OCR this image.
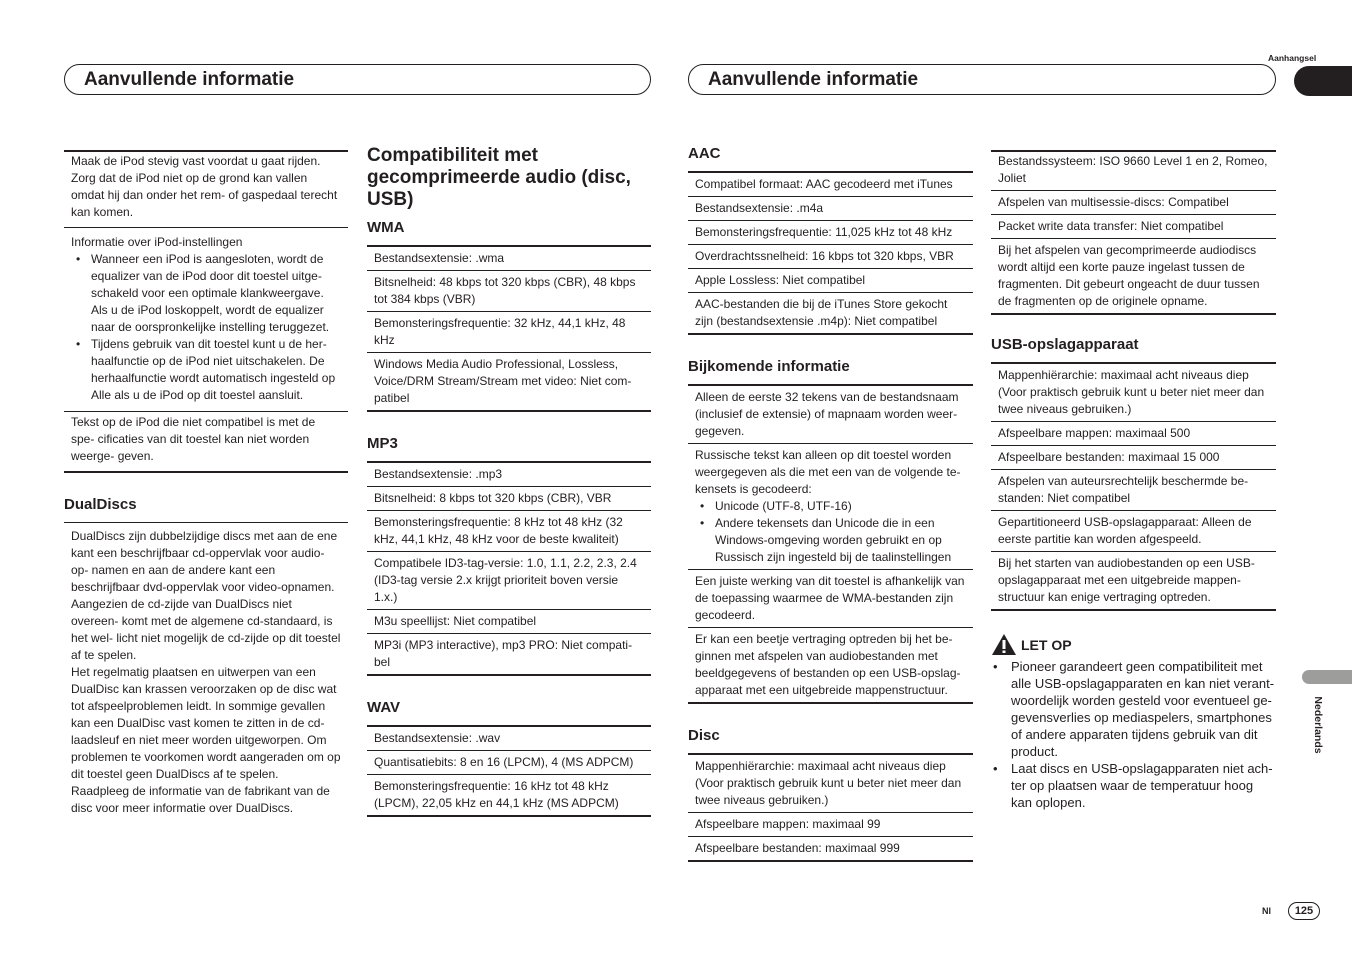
Aanhangsel
Aanvullende informatie	Aanvullende informatie
Nederlands
Nl	125
Maak de iPod stevig vast voordat u gaat rijden. Zorg dat de iPod niet op de grond kan vallen omdat hij dan onder het rem- of gaspedaal terecht kan komen.
Informatie over iPod-instellingen
• Wanneer een iPod is aangesloten, wordt de equalizer van de iPod door dit toestel uitge- schakeld voor een optimale klankweergave. Als u de iPod loskoppelt, wordt de equalizer naar de oorspronkelijke instelling teruggezet.
• Tijdens gebruik van dit toestel kunt u de her- haalfunctie op de iPod niet uitschakelen. De herhaalfunctie wordt automatisch ingesteld op Alle als u de iPod op dit toestel aansluit.
Tekst op de iPod die niet compatibel is met de spe- cificaties van dit toestel kan niet worden weerge- geven.
DualDiscs
DualDiscs zijn dubbelzijdige discs met aan de ene kant een beschrijfbaar cd-oppervlak voor audio-op- namen en aan de andere kant een beschrijfbaar dvd-oppervlak voor video-opnamen.
Aangezien de cd-zijde van DualDiscs niet overeen- komt met de algemene cd-standaard, is het wel- licht niet mogelijk de cd-zijde op dit toestel af te spelen.
Het regelmatig plaatsen en uitwerpen van een DualDisc kan krassen veroorzaken op de disc wat tot afspeelproblemen leidt. In sommige gevallen kan een DualDisc vast komen te zitten in de cd- laadsleuf en niet meer worden uitgeworpen. Om problemen te voorkomen wordt aangeraden om op dit toestel geen DualDiscs af te spelen.
Raadpleeg de informatie van de fabrikant van de disc voor meer informatie over DualDiscs.
Compatibiliteit met gecomprimeerde audio (disc, USB)
WMA
Bestandsextensie: .wma
Bitsnelheid: 48 kbps tot 320 kbps (CBR), 48 kbps tot 384 kbps (VBR)
Bemonsteringsfrequentie: 32 kHz, 44,1 kHz, 48 kHz
Windows Media Audio Professional, Lossless, Voice/DRM Stream/Stream met video: Niet com- patibel
MP3
Bestandsextensie: .mp3
Bitsnelheid: 8 kbps tot 320 kbps (CBR), VBR
Bemonsteringsfrequentie: 8 kHz tot 48 kHz (32 kHz, 44,1 kHz, 48 kHz voor de beste kwaliteit)
Compatibele ID3-tag-versie: 1.0, 1.1, 2.2, 2.3, 2.4 (ID3-tag versie 2.x krijgt prioriteit boven versie 1.x.)
M3u speellijst: Niet compatibel
MP3i (MP3 interactive), mp3 PRO: Niet compati- bel
WAV
Bestandsextensie: .wav
Quantisatiebits: 8 en 16 (LPCM), 4 (MS ADPCM)
Bemonsteringsfrequentie: 16 kHz tot 48 kHz (LPCM), 22,05 kHz en 44,1 kHz (MS ADPCM)
AAC
Compatibel formaat: AAC gecodeerd met iTunes
Bestandsextensie: .m4a
Bemonsteringsfrequentie: 11,025 kHz tot 48 kHz
Overdrachtssnelheid: 16 kbps tot 320 kbps, VBR
Apple Lossless: Niet compatibel
AAC-bestanden die bij de iTunes Store gekocht zijn (bestandsextensie .m4p): Niet compatibel
Bijkomende informatie
Alleen de eerste 32 tekens van de bestandsnaam (inclusief de extensie) of mapnaam worden weer- gegeven.
Russische tekst kan alleen op dit toestel worden weergegeven als die met een van de volgende te- kensets is gecodeerd:
• Unicode (UTF-8, UTF-16)
• Andere tekensets dan Unicode die in een Windows-omgeving worden gebruikt en op Russisch zijn ingesteld bij de taalinstellingen
Een juiste werking van dit toestel is afhankelijk van de toepassing waarmee de WMA-bestanden zijn gecodeerd.
Er kan een beetje vertraging optreden bij het be- ginnen met afspelen van audiobestanden met beeldgegevens of bestanden op een USB-opslag- apparaat met een uitgebreide mappenstructuur.
Disc
Mappenhiërarchie: maximaal acht niveaus diep (Voor praktisch gebruik kunt u beter niet meer dan twee niveaus gebruiken.)
Afspeelbare mappen: maximaal 99
Afspeelbare bestanden: maximaal 999
Bestandssysteem: ISO 9660 Level 1 en 2, Romeo, Joliet
Afspelen van multisessie-discs: Compatibel
Packet write data transfer: Niet compatibel
Bij het afspelen van gecomprimeerde audiodiscs wordt altijd een korte pauze ingelast tussen de fragmenten. Dit gebeurt ongeacht de duur tussen de fragmenten op de originele opname.
USB-opslagapparaat
Mappenhiërarchie: maximaal acht niveaus diep (Voor praktisch gebruik kunt u beter niet meer dan twee niveaus gebruiken.)
Afspeelbare mappen: maximaal 500
Afspeelbare bestanden: maximaal 15 000
Afspelen van auteursrechtelijk beschermde be- standen: Niet compatibel
Gepartitioneerd USB-opslagapparaat: Alleen de eerste partitie kan worden afgespeeld.
Bij het starten van audiobestanden op een USB- opslagapparaat met een uitgebreide mappen- structuur kan enige vertraging optreden.
LET OP
• Pioneer garandeert geen compatibiliteit met alle USB-opslagapparaten en kan niet verant- woordelijk worden gesteld voor eventueel ge- gevensverlies op mediaspelers, smartphones of andere apparaten tijdens gebruik van dit product.
• Laat discs en USB-opslagapparaten niet ach- ter op plaatsen waar de temperatuur hoog kan oplopen.
